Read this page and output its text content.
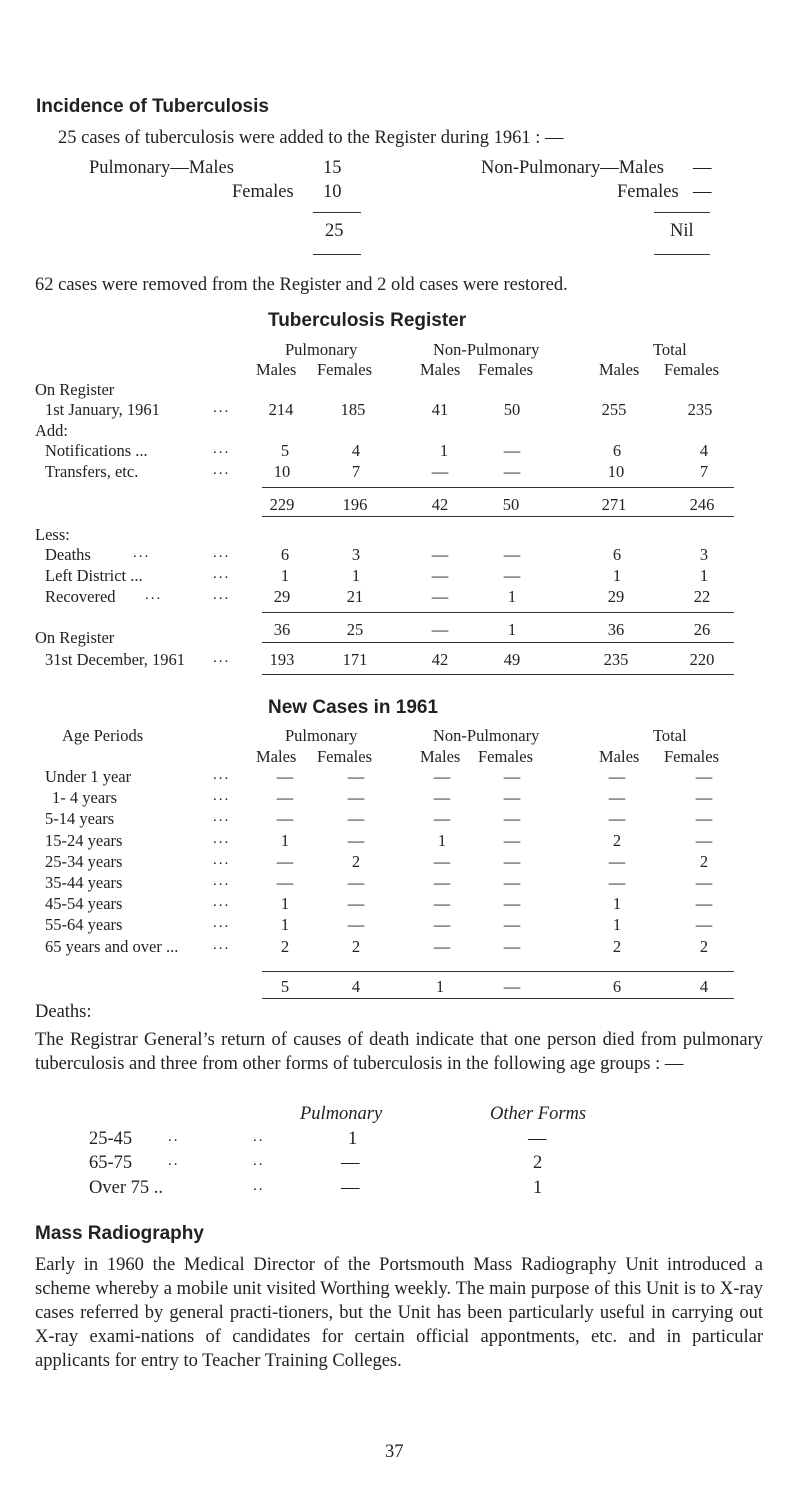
Incidence of Tuberculosis
25 cases of tuberculosis were added to the Register during 1961 : —
Pulmonary—Males	15	Non-Pulmonary—Males —
Females 10	Females —
25	Nil
62 cases were removed from the Register and 2 old cases were restored.
Tuberculosis Register
Pulmonary	Non-Pulmonary	Total
Males Females	Males Females	Males Females
On Register
1st January, 1961	...	214	185	41	50	255	235
Add:
Notifications ...	...	5	4	1	—	6	4
Transfers, etc.	...	10	7	—	—	10	7
229	196	42	50	271	246
Less:
Deaths	...	...	6	3	—	—	6	3
Left District ...	...	1	1	—	—	1	1
Recovered ...	...	29	21	—	1	29	22
36	25	—	1	36	26
On Register
31st December, 1961 ...	193	171	42	49	235	220
New Cases in 1961
Age Periods	Pulmonary	Non-Pulmonary	Total
Males Females	Males Females	Males Females
Under 1 year	...	—	—	—	—	—	—
1- 4 years	...	—	—	—	—	—	—
5-14 years	...	—	—	—	—	—	—
15-24 years	...	1	—	1	—	2	—
25-34 years	...	—	2	—	—	—	2
35-44 years	...	—	—	—	—	—	—
45-54 years	...	1	—	—	—	1	—
55-64 years	...	1	—	—	—	1	—
65 years and over ... ...	2	2	—	—	2	2
5	4	1	—	6	4
Deaths:

The Registrar General’s return of causes of death indicate that one person died from pulmonary tuberculosis and three from other forms of tuberculosis in the following age groups : —

Pulmonary	Other Forms
25-45 ..	..	1	—
65-75 ..	..	—	2
Over 75 ..	..	—	1
Mass Radiography

Early in 1960 the Medical Director of the Portsmouth Mass Radiography Unit introduced a scheme whereby a mobile unit visited Worthing weekly. The main purpose of this Unit is to X-ray cases referred by general practi-tioners, but the Unit has been particularly useful in carrying out X-ray exami-nations of candidates for certain official appontments, etc. and in particular applicants for entry to Teacher Training Colleges.

37
